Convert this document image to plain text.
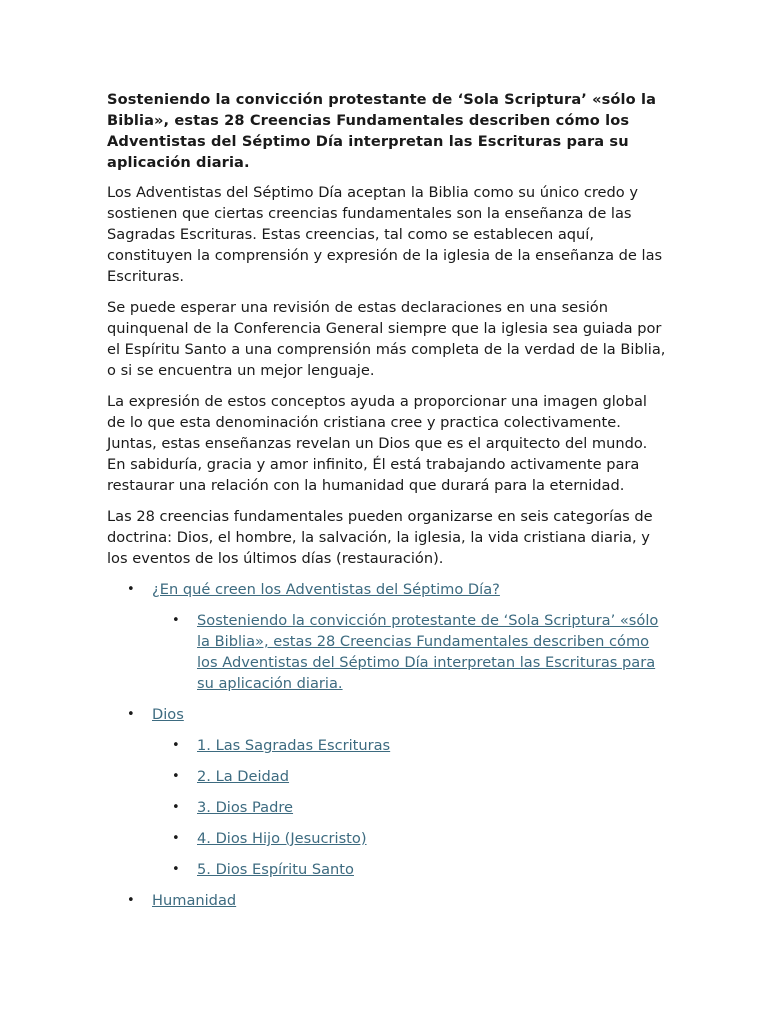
Sosteniendo la convicción protestante de ‘Sola Scriptura’ «sólo la Biblia», estas 28 Creencias Fundamentales describen cómo los Adventistas del Séptimo Día interpretan las Escrituras para su aplicación diaria.

Los Adventistas del Séptimo Día aceptan la Biblia como su único credo y sostienen que ciertas creencias fundamentales son la enseñanza de las Sagradas Escrituras. Estas creencias, tal como se establecen aquí, constituyen la comprensión y expresión de la iglesia de la enseñanza de las Escrituras.

Se puede esperar una revisión de estas declaraciones en una sesión quinquenal de la Conferencia General siempre que la iglesia sea guiada por el Espíritu Santo a una comprensión más completa de la verdad de la Biblia, o si se encuentra un mejor lenguaje.

La expresión de estos conceptos ayuda a proporcionar una imagen global de lo que esta denominación cristiana cree y practica colectivamente. Juntas, estas enseñanzas revelan un Dios que es el arquitecto del mundo. En sabiduría, gracia y amor infinito, Él está trabajando activamente para restaurar una relación con la humanidad que durará para la eternidad.

Las 28 creencias fundamentales pueden organizarse en seis categorías de doctrina: Dios, el hombre, la salvación, la iglesia, la vida cristiana diaria, y los eventos de los últimos días (restauración).

• ¿En qué creen los Adventistas del Séptimo Día?
• Sosteniendo la convicción protestante de ‘Sola Scriptura’ «sólo la Biblia», estas 28 Creencias Fundamentales describen cómo los Adventistas del Séptimo Día interpretan las Escrituras para su aplicación diaria.
• Dios
• 1. Las Sagradas Escrituras
• 2. La Deidad
• 3. Dios Padre
• 4. Dios Hijo (Jesucristo)
• 5. Dios Espíritu Santo
• Humanidad
